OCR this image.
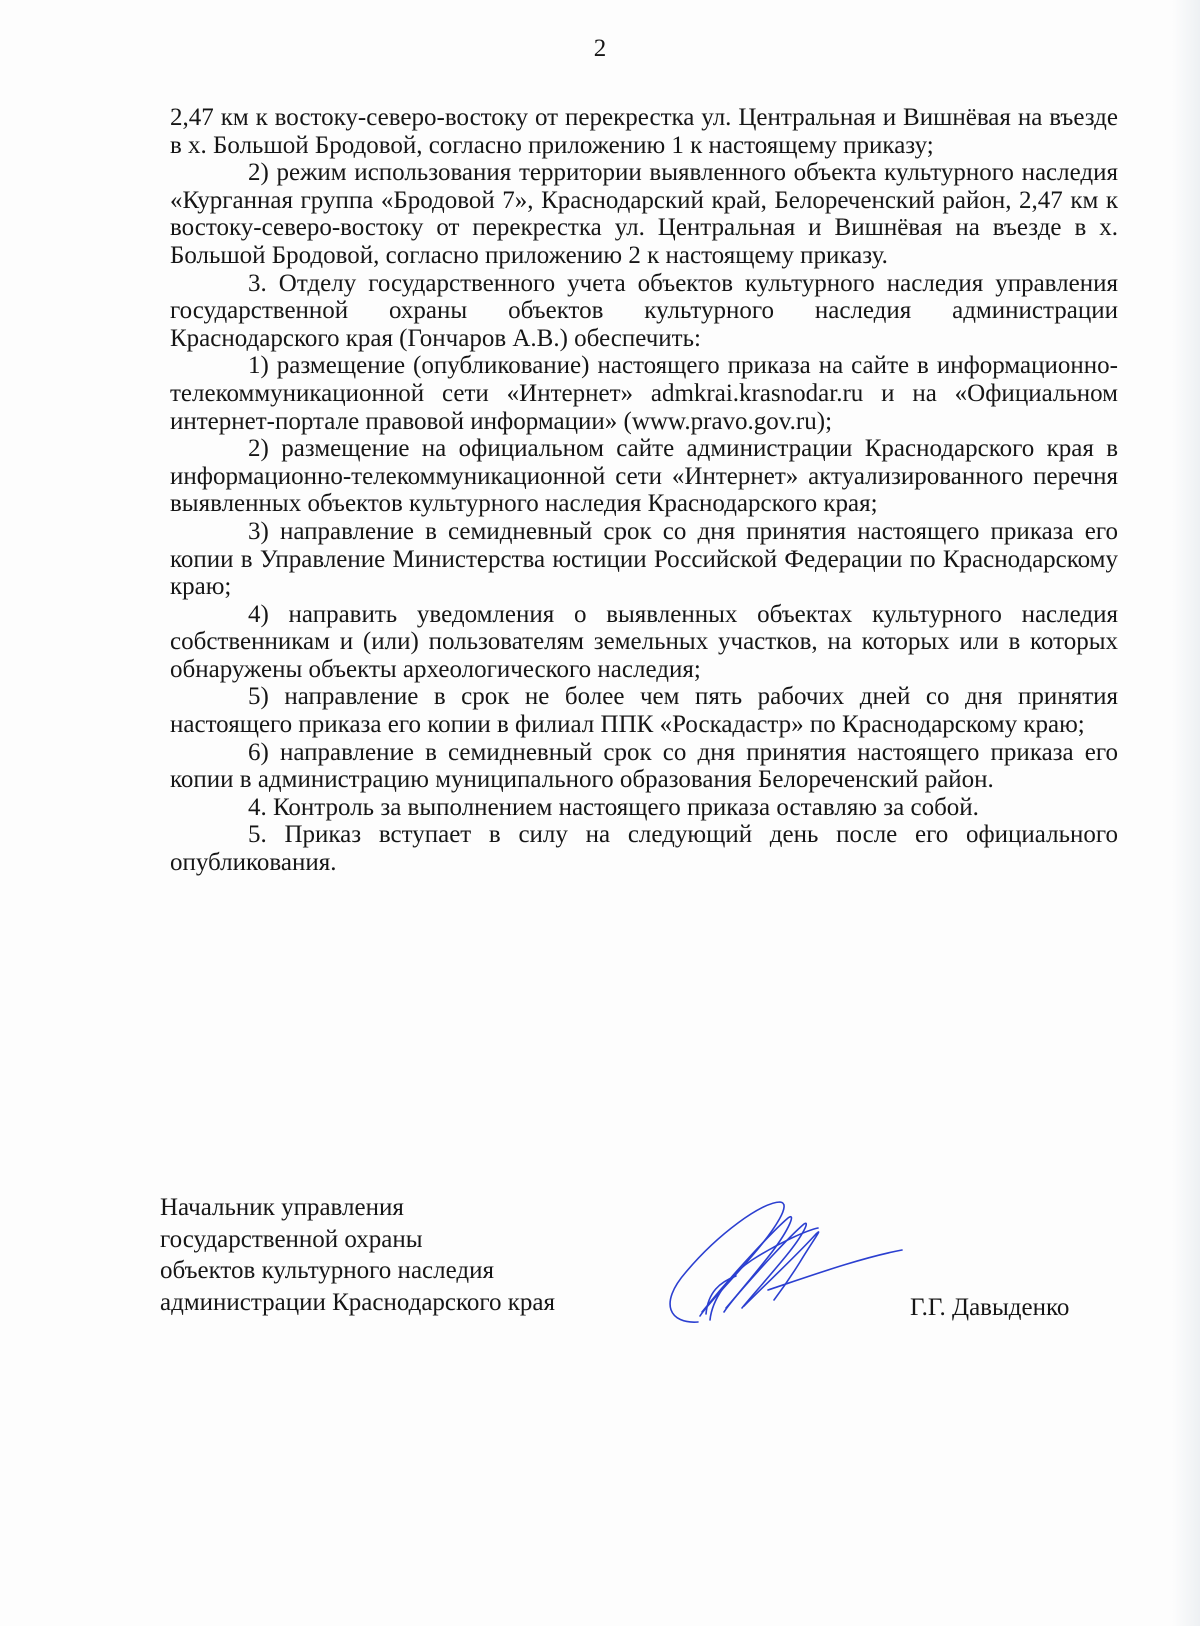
2

2,47 км к востоку-северо-востоку от перекрестка ул. Центральная и Вишнёвая на въезде в х. Большой Бродовой, согласно приложению 1 к настоящему приказу;

2) режим использования территории выявленного объекта культурного наследия «Курганная группа «Бродовой 7», Краснодарский край, Белореченский район, 2,47 км к востоку-северо-востоку от перекрестка ул. Центральная и Вишнёвая на въезде в х. Большой Бродовой, согласно приложению 2 к настоящему приказу.

3. Отделу государственного учета объектов культурного наследия управления государственной охраны объектов культурного наследия администрации Краснодарского края (Гончаров А.В.) обеспечить:

1) размещение (опубликование) настоящего приказа на сайте в информационно-телекоммуникационной сети «Интернет» admkrai.krasnodar.ru и на «Официальном интернет-портале правовой информации» (www.pravo.gov.ru);

2) размещение на официальном сайте администрации Краснодарского края в информационно-телекоммуникационной сети «Интернет» актуализированного перечня выявленных объектов культурного наследия Краснодарского края;

3) направление в семидневный срок со дня принятия настоящего приказа его копии в Управление Министерства юстиции Российской Федерации по Краснодарскому краю;

4) направить уведомления о выявленных объектах культурного наследия собственникам и (или) пользователям земельных участков, на которых или в которых обнаружены объекты археологического наследия;

5) направление в срок не более чем пять рабочих дней со дня принятия настоящего приказа его копии в филиал ППК «Роскадастр» по Краснодарскому краю;

6) направление в семидневный срок со дня принятия настоящего приказа его копии в администрацию муниципального образования Белореченский район.

4. Контроль за выполнением настоящего приказа оставляю за собой.

5. Приказ вступает в силу на следующий день после его официального опубликования.

Начальник управления
государственной охраны
объектов культурного наследия
администрации Краснодарского края	Г.Г. Давыденко
